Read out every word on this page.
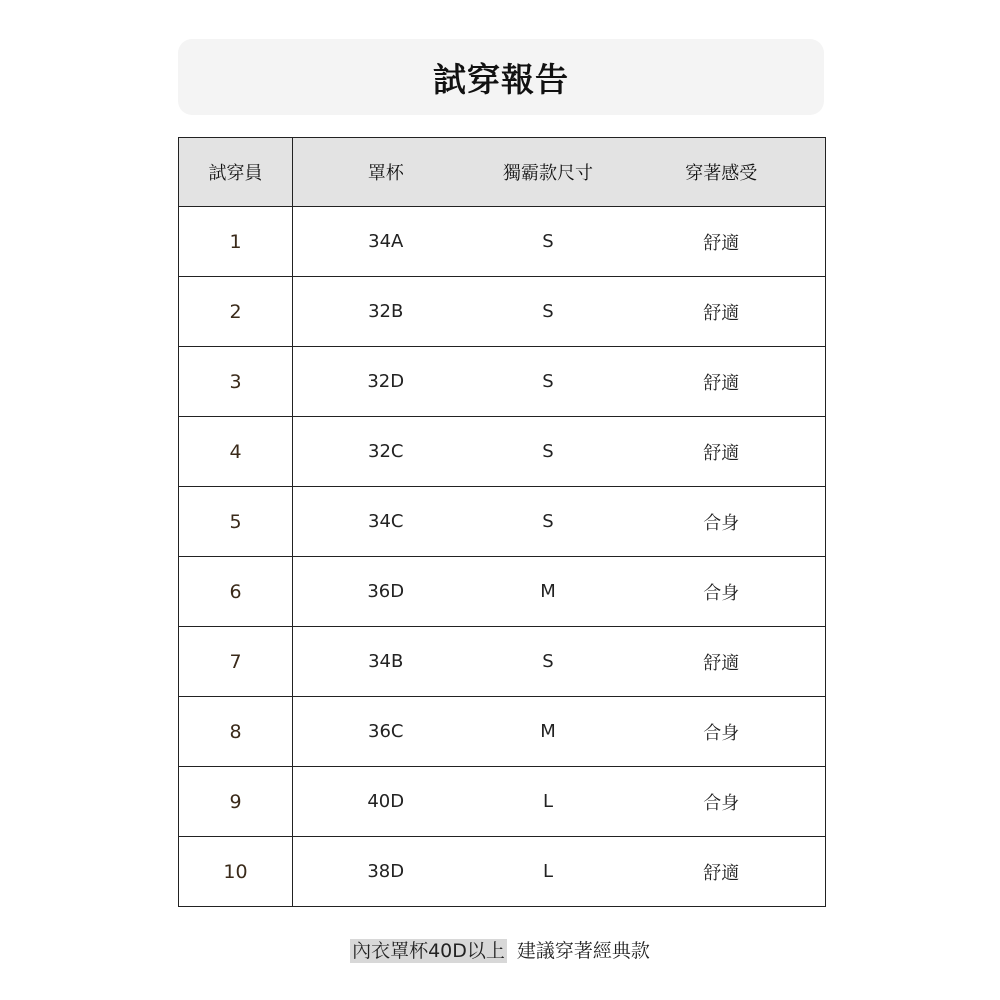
試穿報告
試穿員	罩杯	獨霸款尺寸	穿著感受
1	34A	S	舒適
2	32B	S	舒適
3	32D	S	舒適
4	32C	S	舒適
5	34C	S	合身
6	36D	M	合身
7	34B	S	舒適
8	36C	M	合身
9	40D	L	合身
10	38D	L	舒適
內衣罩杯40D以上 建議穿著經典款
